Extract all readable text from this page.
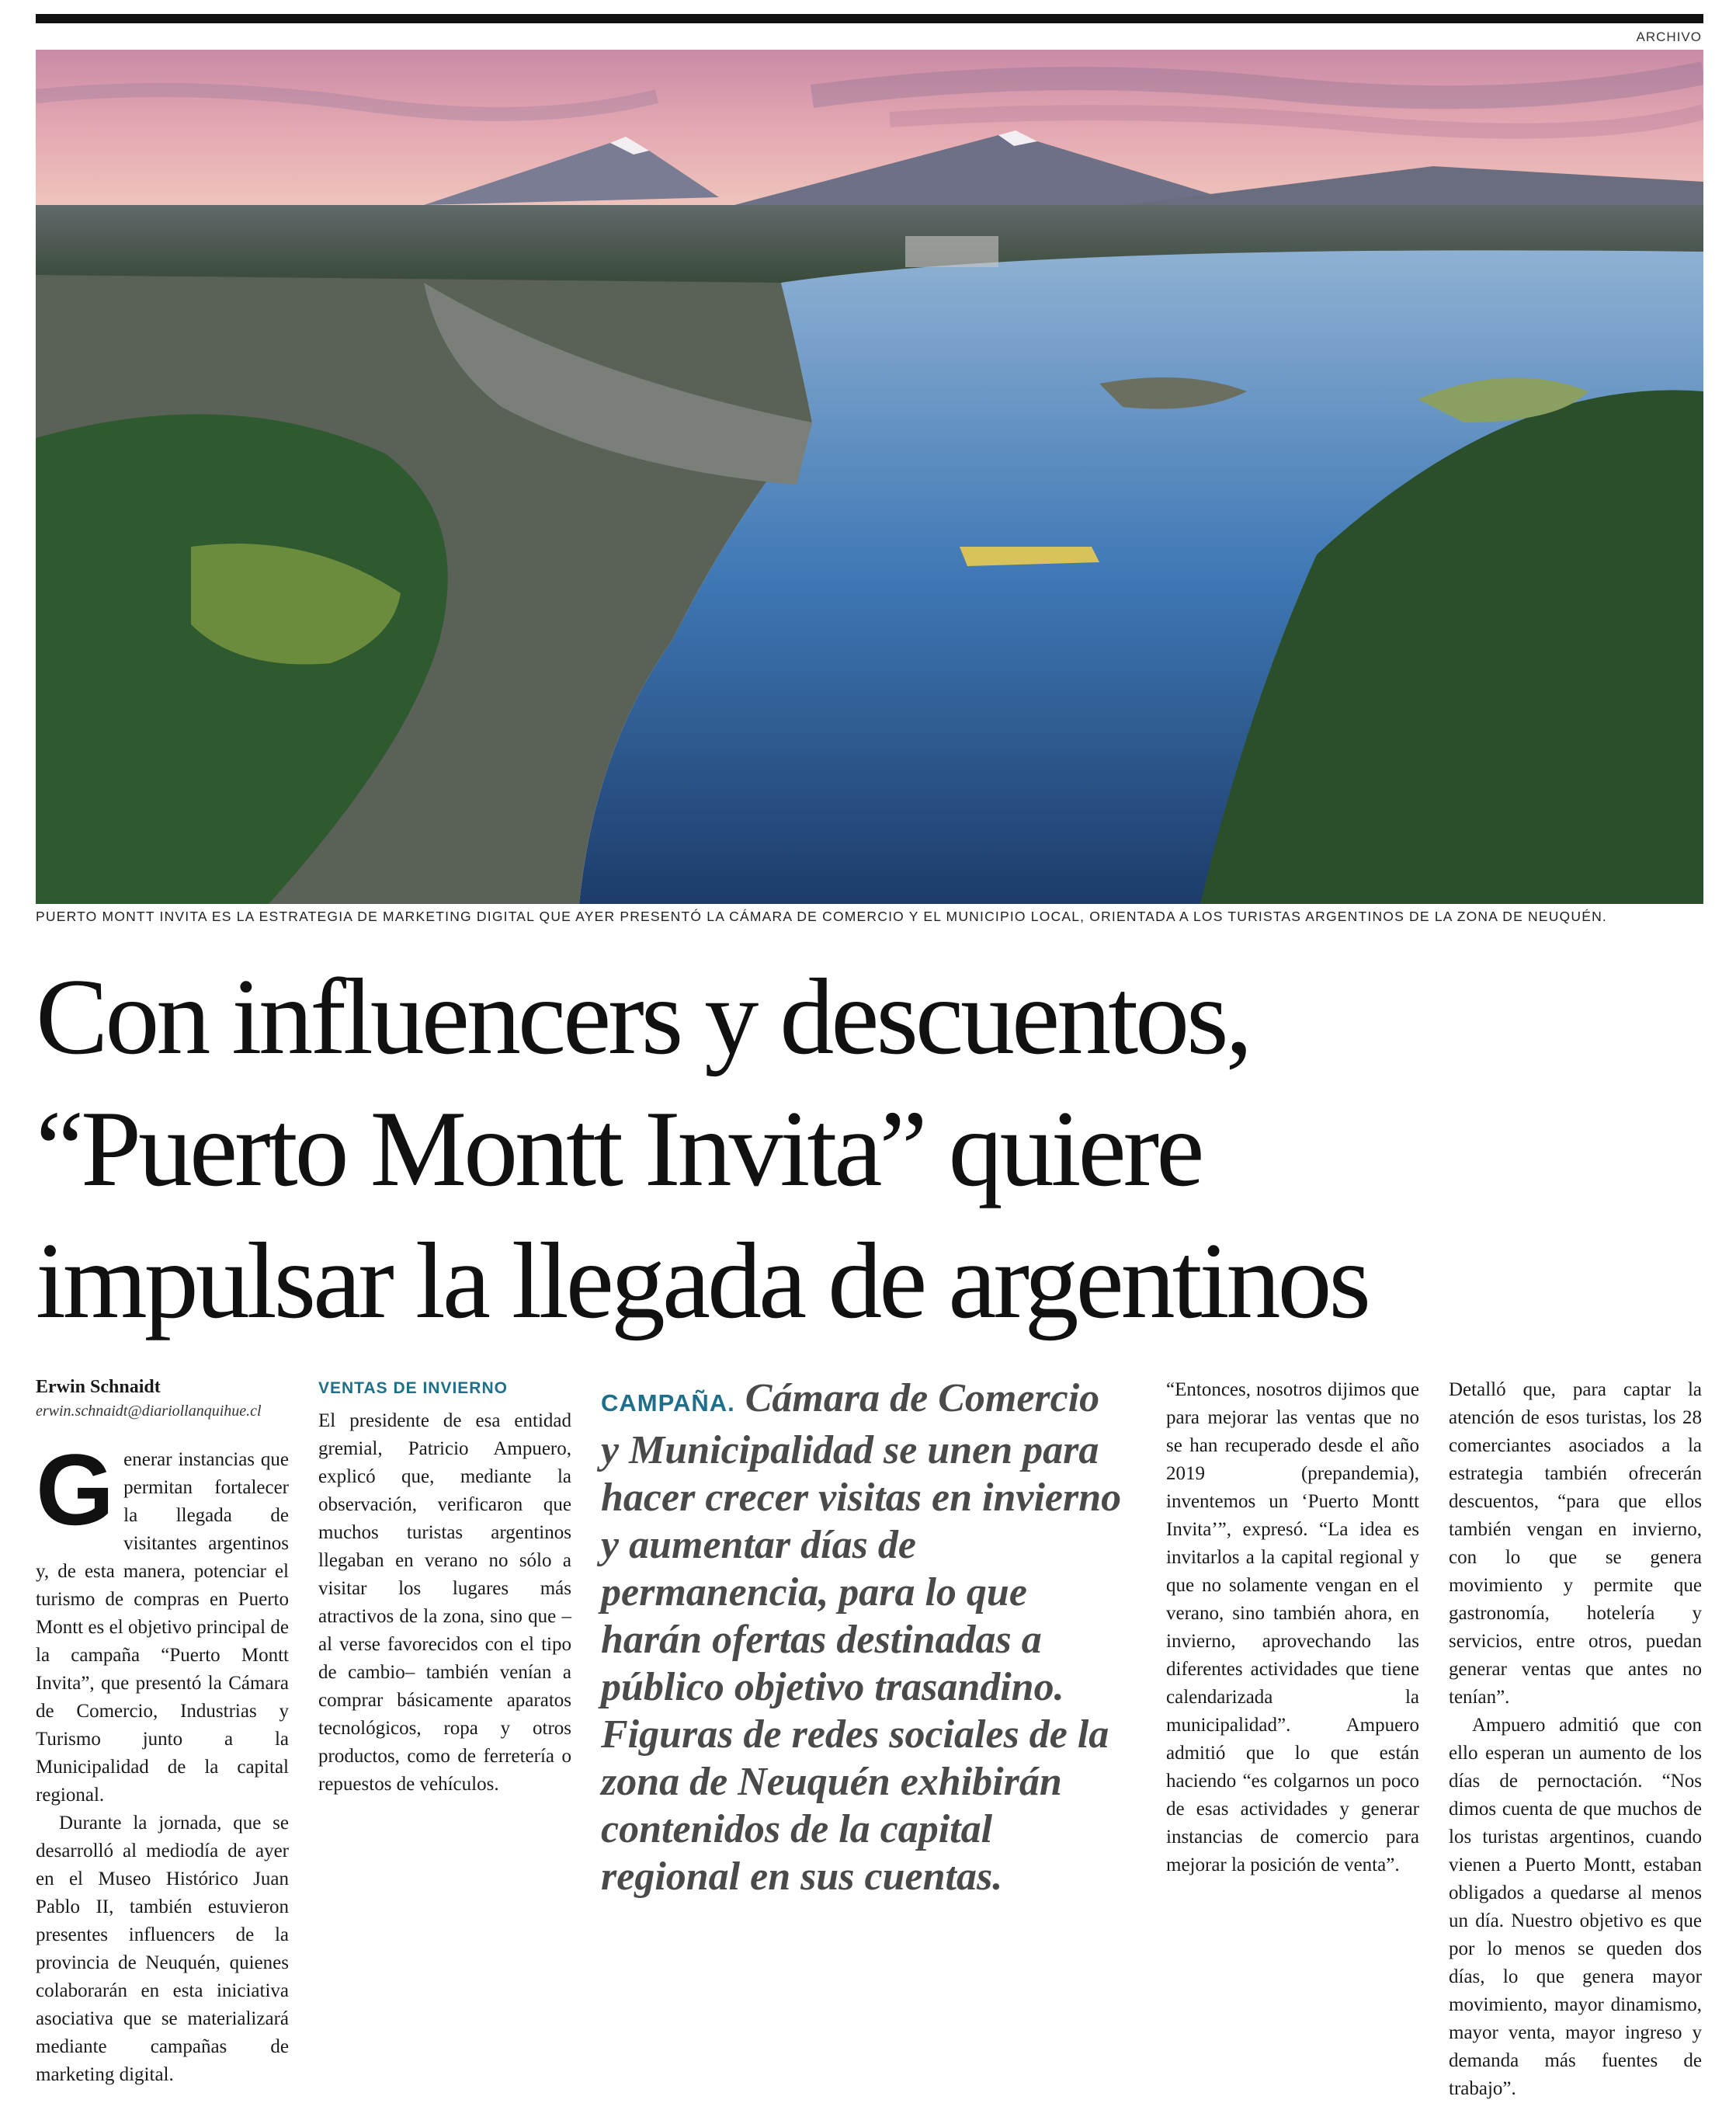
ARCHIVO
PUERTO MONTT INVITA ES LA ESTRATEGIA DE MARKETING DIGITAL QUE AYER PRESENTÓ LA CÁMARA DE COMERCIO Y EL MUNICIPIO LOCAL, ORIENTADA A LOS TURISTAS ARGENTINOS DE LA ZONA DE NEUQUÉN.
Con influencers y descuentos,
“Puerto Montt Invita” quiere
impulsar la llegada de argentinos
Erwin Schnaidt
erwin.schnaidt@diariollanquihue.cl

Generar instancias que permitan fortalecer la llegada de visitantes argentinos y, de esta manera, potenciar el turismo de compras en Puerto Montt es el objetivo principal de la campaña “Puerto Montt Invita”, que presentó la Cámara de Comercio, Industrias y Turismo junto a la Municipalidad de la capital regional.

Durante la jornada, que se desarrolló al mediodía de ayer en el Museo Histórico Juan Pablo II, también estuvieron presentes influencers de la provincia de Neuquén, quienes colaborarán en esta iniciativa asociativa que se materializará mediante campañas de marketing digital.

VENTAS DE INVIERNO

El presidente de esa entidad gremial, Patricio Ampuero, explicó que, mediante la observación, verificaron que muchos turistas argentinos llegaban en verano no sólo a visitar los lugares más atractivos de la zona, sino que –al verse favorecidos con el tipo de cambio– también venían a comprar básicamente aparatos tecnológicos, ropa y otros productos, como de ferretería o repuestos de vehículos.

CAMPAÑA. Cámara de Comercio y Municipalidad se unen para hacer crecer visitas en invierno y aumentar días de permanencia, para lo que harán ofertas destinadas a público objetivo trasandino. Figuras de redes sociales de la zona de Neuquén exhibirán contenidos de la capital regional en sus cuentas.

“Entonces, nosotros dijimos que para mejorar las ventas que no se han recuperado desde el año 2019 (prepandemia), inventemos un ‘Puerto Montt Invita’”, expresó. “La idea es invitarlos a la capital regional y que no solamente vengan en el verano, sino también ahora, en invierno, aprovechando las diferentes actividades que tiene calendarizada la municipalidad”. Ampuero admitió que lo que están haciendo “es colgarnos un poco de esas actividades y generar instancias de comercio para mejorar la posición de venta”.

Detalló que, para captar la atención de esos turistas, los 28 comerciantes asociados a la estrategia también ofrecerán descuentos, “para que ellos también vengan en invierno, con lo que se genera movimiento y permite que gastronomía, hotelería y servicios, entre otros, puedan generar ventas que antes no tenían”.

Ampuero admitió que con ello esperan un aumento de los días de pernoctación. “Nos dimos cuenta de que muchos de los turistas argentinos, cuando vienen a Puerto Montt, estaban obligados a quedarse al menos un día. Nuestro objetivo es que por lo menos se queden dos días, lo que genera mayor movimiento, mayor dinamismo, mayor venta, mayor ingreso y demanda más fuentes de trabajo”.
